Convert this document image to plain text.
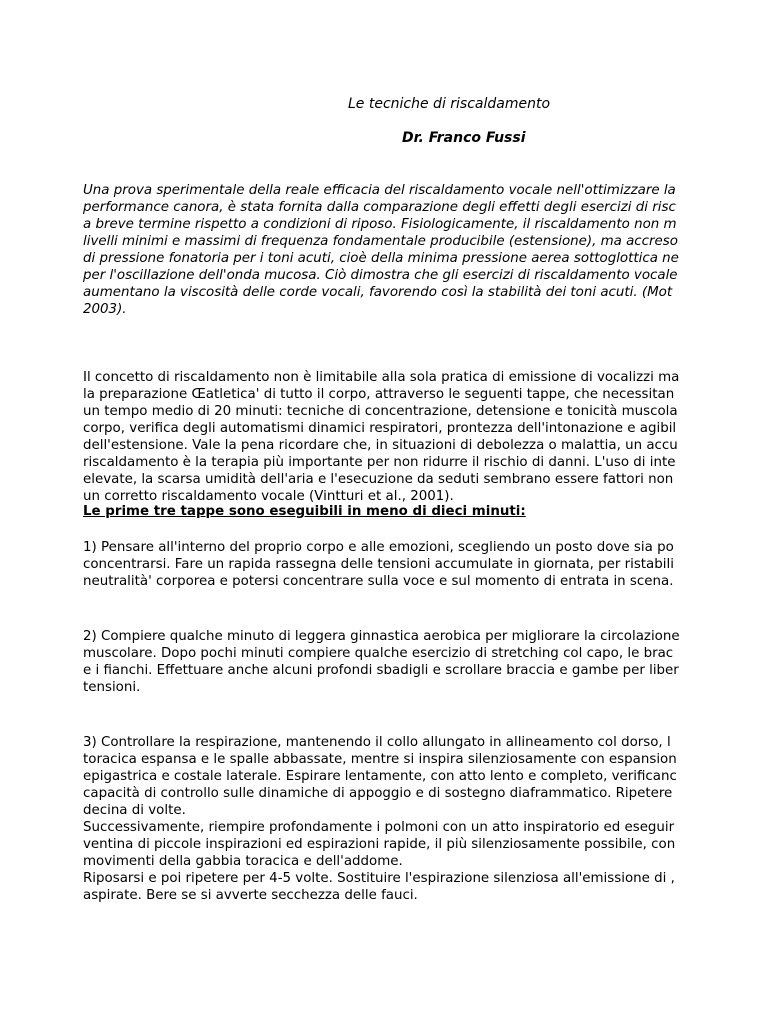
Le tecniche di riscaldamento
Dr. Franco Fussi
Una prova sperimentale della reale efficacia del riscaldamento vocale nell'ottimizzare la
performance canora, è stata fornita dalla comparazione degli effetti degli esercizi di risc
a breve termine rispetto a condizioni di riposo. Fisiologicamente, il riscaldamento non m
livelli minimi e massimi di frequenza fondamentale producibile (estensione), ma accreso
di pressione fonatoria per i toni acuti, cioè della minima pressione aerea sottoglottica ne
per l'oscillazione dell'onda mucosa. Ciò dimostra che gli esercizi di riscaldamento vocale
aumentano la viscosità delle corde vocali, favorendo così la stabilità dei toni acuti. (Mot
2003).
Il concetto di riscaldamento non è limitabile alla sola pratica di emissione di vocalizzi ma
la preparazione Œatletica' di tutto il corpo, attraverso le seguenti tappe, che necessitan
un tempo medio di 20 minuti: tecniche di concentrazione, detensione e tonicità muscola
corpo, verifica degli automatismi dinamici respiratori, prontezza dell'intonazione e agibil
dell'estensione. Vale la pena ricordare che, in situazioni di debolezza o malattia, un accu
riscaldamento è la terapia più importante per non ridurre il rischio di danni. L'uso di inte
elevate, la scarsa umidità dell'aria e l'esecuzione da seduti sembrano essere fattori non
un corretto riscaldamento vocale (Vintturi et al., 2001).
Le prime tre tappe sono eseguibili in meno di dieci minuti:
1) Pensare all'interno del proprio corpo e alle emozioni, scegliendo un posto dove sia po
concentrarsi. Fare un rapida rassegna delle tensioni accumulate in giornata, per ristabili
neutralità' corporea e potersi concentrare sulla voce e sul momento di entrata in scena.
2) Compiere qualche minuto di leggera ginnastica aerobica per migliorare la circolazione
muscolare. Dopo pochi minuti compiere qualche esercizio di stretching col capo, le brac
e i fianchi. Effettuare anche alcuni profondi sbadigli e scrollare braccia e gambe per liber
tensioni.
3) Controllare la respirazione, mantenendo il collo allungato in allineamento col dorso, l
toracica espansa e le spalle abbassate, mentre si inspira silenziosamente con espansion
epigastrica e costale laterale. Espirare lentamente, con atto lento e completo, verificanc
capacità di controllo sulle dinamiche di appoggio e di sostegno diaframmatico. Ripetere
decina di volte.
Successivamente, riempire profondamente i polmoni con un atto inspiratorio ed eseguir
ventina di piccole inspirazioni ed espirazioni rapide, il più silenziosamente possibile, con
movimenti della gabbia toracica e dell'addome.
Riposarsi e poi ripetere per 4-5 volte. Sostituire l'espirazione silenziosa all'emissione di ,
aspirate. Bere se si avverte secchezza delle fauci.
